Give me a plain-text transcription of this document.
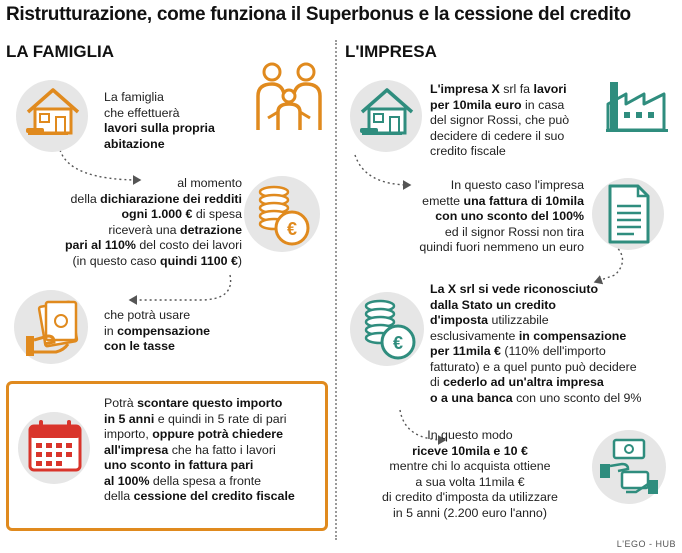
Ristrutturazione, come funziona il Superbonus e la cessione del credito
LA FAMIGLIA	L'IMPRESA
La famiglia
che effettuerà
lavori sulla propria
abitazione
€
al momento
della dichiarazione dei redditi
ogni 1.000 € di spesa
riceverà una detrazione
pari al 110% del costo dei lavori
(in questo caso quindi 1100 €)
che potrà usare
in compensazione
con le tasse
Potrà scontare questo importo
in 5 anni e quindi in 5 rate di pari
importo, oppure potrà chiedere
all'impresa che ha fatto i lavori
uno sconto in fattura pari
al 100% della spesa a fronte
della cessione del credito fiscale
L'impresa X srl fa lavori
per 10mila euro in casa
del signor Rossi, che può
decidere di cedere il suo
credito fiscale
In questo caso l'impresa
emette una fattura di 10mila
con uno sconto del 100%
ed il signor Rossi non tira
quindi fuori nemmeno un euro
€
La X srl si vede riconosciuto
dalla Stato un credito
d'imposta utilizzabile
esclusivamente in compensazione
per 11mila € (110% dell'importo
fatturato) e a quel punto può decidere
di cederlo ad un'altra impresa
o a una banca con uno sconto del 9%
In questo modo
riceve 10mila e 10 €
mentre chi lo acquista ottiene
a sua volta 11mila €
di credito d'imposta da utilizzare
in 5 anni (2.200 euro l'anno)
L'EGO - HUB
